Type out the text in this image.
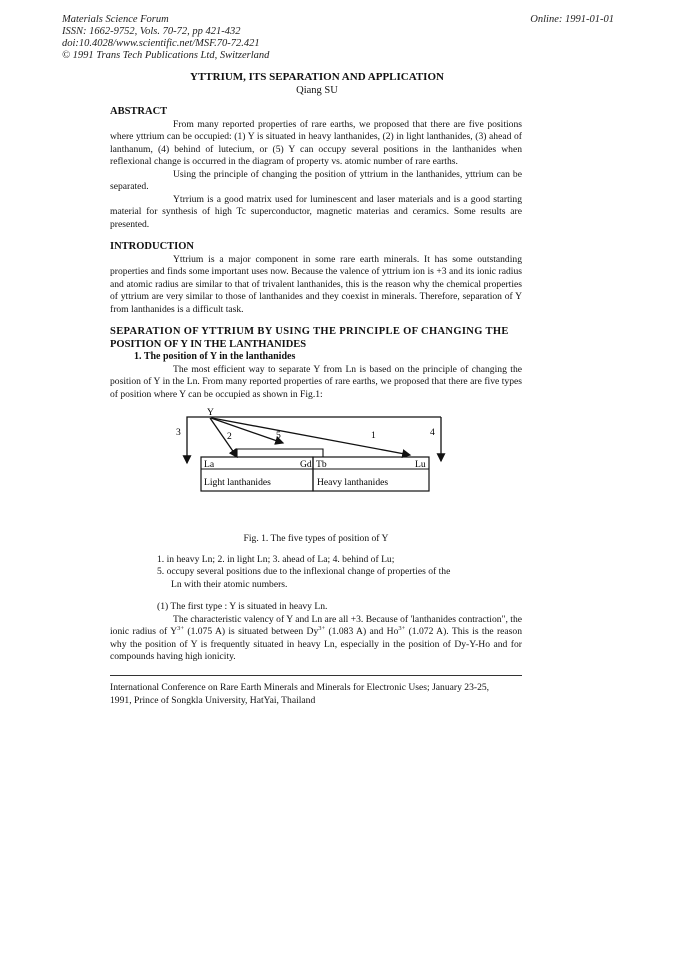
Materials Science Forum
ISSN: 1662-9752, Vols. 70-72, pp 421-432
doi:10.4028/www.scientific.net/MSF.70-72.421
© 1991 Trans Tech Publications Ltd, Switzerland
Online: 1991-01-01
YTTRIUM, ITS SEPARATION AND APPLICATION
Qiang SU

ABSTRACT

From many reported properties of rare earths, we proposed that there are five positions where yttrium can be occupied: (1) Y is situated in heavy lanthanides, (2) in light lanthanides, (3) ahead of lanthanum, (4) behind of lutecium, or (5) Y can occupy several positions in the lanthanides when reflexional change is occurred in the diagram of property vs. atomic number of rare earths.

Using the principle of changing the position of yttrium in the lanthanides, yttrium can be separated.

Ytrrium is a good matrix used for luminescent and laser materials and is a good starting material for synthesis of high Tc superconductor, magnetic materias and ceramics. Some results are presented.

INTRODUCTION

Yttrium is a major component in some rare earth minerals. It has some outstanding properties and finds some important uses now. Because the valence of yttrium ion is +3 and its ionic radius and atomic radius are similar to that of trivalent lanthanides, this is the reason why the chemical properties of yttrium are very similar to those of lanthanides and they coexist in minerals. Therefore, separation of Y from lanthanides is a difficult task.

SEPARATION OF YTTRIUM BY USING THE PRINCIPLE OF CHANGING THE

POSITION OF Y IN THE LANTHANIDES

1. The position of Y in the lanthanides

The most efficient way to separate Y from Ln is based on the principle of changing the position of Y in the Ln. From many reported properties of rare earths, we proposed that there are five types of position where Y can be occupied as shown in Fig.1:

Y
3	2	5	1	4
La	Gd Tb	Lu
Light lanthanides	Heavy lanthanides

Fig. 1. The five types of position of Y

1. in heavy Ln; 2. in light Ln; 3. ahead of La; 4. behind of Lu;
5. occupy several positions due to the inflexional change of properties of the
Ln with their atomic numbers.

(1) The first type : Y is situated in heavy Ln.

The characteristic valency of Y and Ln are all +3. Because of 'lanthanides contraction", the ionic radius of $Y^{3+}$ (1.075 A) is situated between $Dy^{3+}$ (1.083 A) and $Ho^{3+}$ (1.072 A). This is the reason why the position of Y is frequently situated in heavy Ln, especially in the position of Dy-Y-Ho and for compounds having high ionicity.

International Conference on Rare Earth Minerals and Minerals for Electronic Uses; January 23-25,
1991, Prince of Songkla University, HatYai, Thailand
